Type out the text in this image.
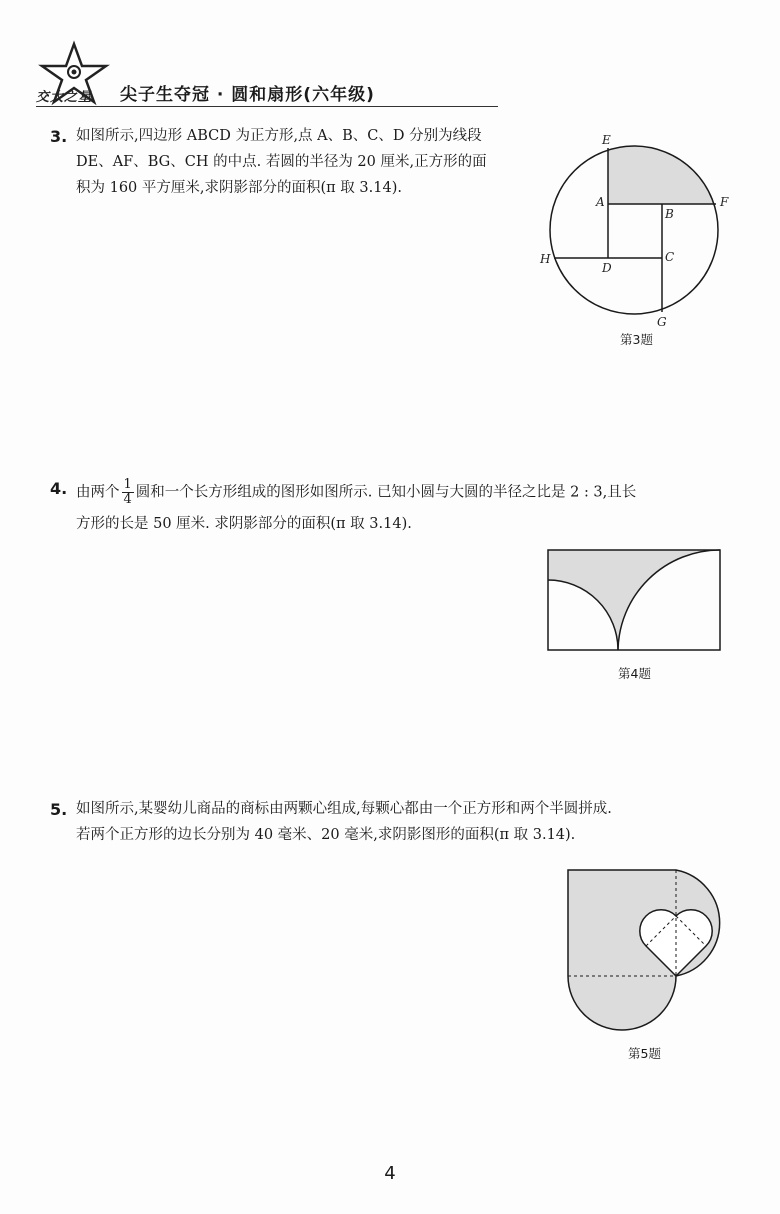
交大之星 尖子生夺冠 · 圆和扇形(六年级)
3. 如图所示,四边形 ABCD 为正方形,点 A、B、C、D 分别为线段
DE、AF、BG、CH 的中点. 若圆的半径为 20 厘米,正方形的面
积为 160 平方厘米,求阴影部分的面积(π 取 3.14).
E
A
B
F
H
D
C
G
第3题
4. 由两个 $\frac{1}{4}$ 圆和一个长方形组成的图形如图所示. 已知小圆与大圆的半径之比是 2 : 3,且长
方形的长是 50 厘米. 求阴影部分的面积(π 取 3.14).
第4题
5. 如图所示,某婴幼儿商品的商标由两颗心组成,每颗心都由一个正方形和两个半圆拼成.
若两个正方形的边长分别为 40 毫米、20 毫米,求阴影图形的面积(π 取 3.14).
第5题
4
